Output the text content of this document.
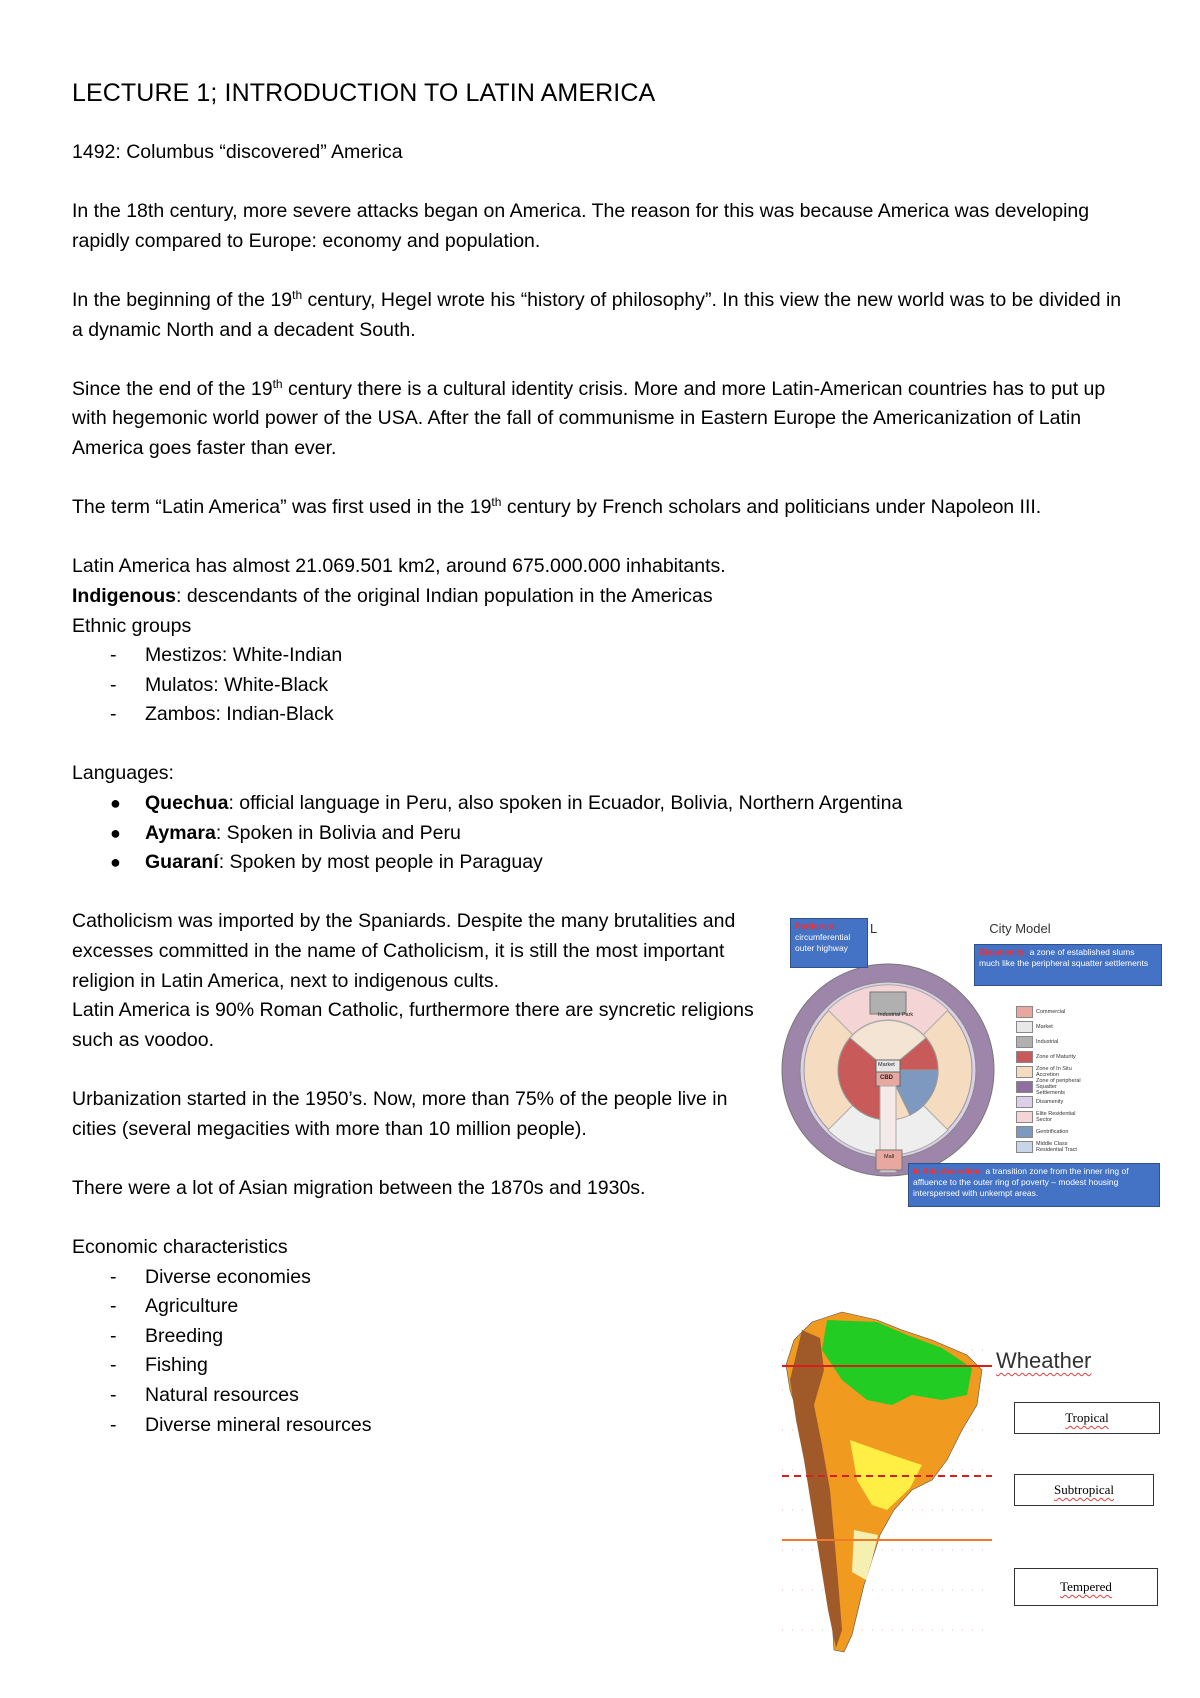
LECTURE 1; INTRODUCTION TO LATIN AMERICA

1492: Columbus “discovered” America

In the 18th century, more severe attacks began on America. The reason for this was because America was developing rapidly compared to Europe: economy and population.

In the beginning of the 19th century, Hegel wrote his “history of philosophy”. In this view the new world was to be divided in a dynamic North and a decadent South.

Since the end of the 19th century there is a cultural identity crisis. More and more Latin-American countries has to put up with hegemonic world power of the USA. After the fall of communisme in Eastern Europe the Americanization of Latin America goes faster than ever.

The term “Latin America” was first used in the 19th century by French scholars and politicians under Napoleon III.

Latin America has almost 21.069.501 km2, around 675.000.000 inhabitants.

Indigenous: descendants of the original Indian population in the Americas

Ethnic groups

- Mestizos: White-Indian
- Mulatos: White-Black
- Zambos: Indian-Black

Languages:

● Quechua: official language in Peru, also spoken in Ecuador, Bolivia, Northern Argentina
● Aymara: Spoken in Bolivia and Peru
● Guaraní: Spoken by most people in Paraguay

Catholicism was imported by the Spaniards. Despite the many brutalities and excesses committed in the name of Catholicism, it is still the most important religion in Latin America, next to indigenous cults.

Latin America is 90% Roman Catholic, furthermore there are syncretic religions such as voodoo.

Urbanization started in the 1950’s. Now, more than 75% of the people live in cities (several megacities with more than 10 million people).

There were a lot of Asian migration between the 1870s and 1930s.

Economic characteristics

- Diverse economies
- Agriculture
- Breeding
- Fishing
- Natural resources
- Diverse mineral resources
L	City Model
Industrial Park
Market
CBD
Mall
Periferico:
circumferential outer highway	Disamenity: a zone of established slums much like the peripheral squatter settlements
In Situ Accretion: a transition zone from the inner ring of affluence to the outer ring of poverty – modest housing interspersed with unkempt areas.
Commercial
Market
Industrial
Zone of Maturity
Zone of In Situ Accretion
Zone of peripheral Squatter Settlements
Disamenity
Elite Residential Sector
Gentrification
Middle Class Residential Tract
Wheather
Tropical
Subtropical
Tempered
